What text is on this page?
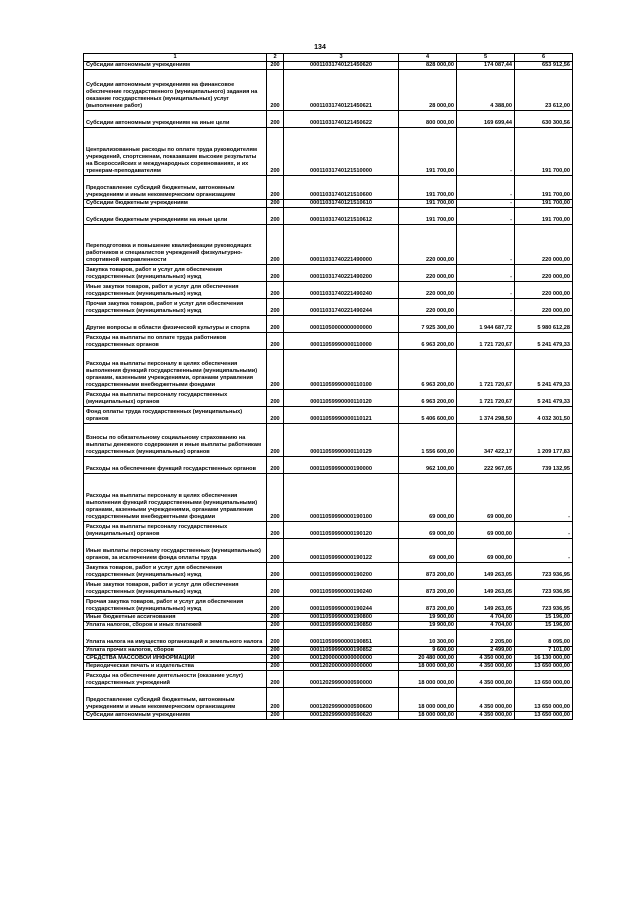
134
1	2	3	4	5	6
Субсидии автономным учреждениям	200	00011031740121450620	828 000,00	174 087,44	653 912,56
Субсидии автономным учреждениям на финансовое обеспечение государственного (муниципального) задания на оказание государственных (муниципальных) услуг (выполнение работ)	200	00011031740121450621	28 000,00	4 388,00	23 612,00
Субсидии автономным учреждениям на иные цели	200	00011031740121450622	800 000,00	169 699,44	630 300,56
Централизованные расходы по оплате труда руководителям учреждений, спортсменам, показавшим высокие результаты на Всероссийских и международных соревнованиях, и их тренерам-преподавателям	200	00011031740121510000	191 700,00	-	191 700,00
Предоставление субсидий бюджетным, автономным учреждениям и иным некоммерческим организациям	200	00011031740121510600	191 700,00	-	191 700,00
Субсидии бюджетным учреждениям	200	00011031740121510610	191 700,00	-	191 700,00
Субсидии бюджетным учреждениям на иные цели	200	00011031740121510612	191 700,00	-	191 700,00
Переподготовка и повышение квалификации руководящих работников и специалистов учреждений физкультурно-спортивной направленности	200	00011031740221490000	220 000,00	-	220 000,00
Закупка товаров, работ и услуг для обеспечения государственных (муниципальных) нужд	200	00011031740221490200	220 000,00	-	220 000,00
Иные закупки товаров, работ и услуг для обеспечения государственных (муниципальных) нужд	200	00011031740221490240	220 000,00	-	220 000,00
Прочая закупка товаров, работ и услуг для обеспечения государственных (муниципальных) нужд	200	00011031740221490244	220 000,00	-	220 000,00
Другие вопросы в области физической культуры и спорта	200	00011050000000000000	7 925 300,00	1 944 687,72	5 980 612,28
Расходы на выплаты по оплате труда работников государственных органов	200	00011059990000110000	6 963 200,00	1 721 720,67	5 241 479,33
Расходы на выплаты персоналу в целях обеспечения выполнения функций государственными (муниципальными) органами, казенными учреждениями, органами управления государственными внебюджетными фондами	200	00011059990000110100	6 963 200,00	1 721 720,67	5 241 479,33
Расходы на выплаты персоналу государственных (муниципальных) органов	200	00011059990000110120	6 963 200,00	1 721 720,67	5 241 479,33
Фонд оплаты труда государственных (муниципальных) органов	200	00011059990000110121	5 406 600,00	1 374 298,50	4 032 301,50
Взносы по обязательному социальному страхованию на выплаты денежного содержания и иные выплаты работникам государственных (муниципальных) органов	200	00011059990000110129	1 556 600,00	347 422,17	1 209 177,83
Расходы на обеспечение функций государственных органов	200	00011059990000190000	962 100,00	222 967,05	739 132,95
Расходы на выплаты персоналу в целях обеспечения выполнения функций государственными (муниципальными) органами, казенными учреждениями, органами управления государственными внебюджетными фондами	200	00011059990000190100	69 000,00	69 000,00	-
Расходы на выплаты персоналу государственных (муниципальных) органов	200	00011059990000190120	69 000,00	69 000,00	-
Иные выплаты персоналу государственных (муниципальных) органов, за исключением фонда оплаты труда	200	00011059990000190122	69 000,00	69 000,00	-
Закупка товаров, работ и услуг для обеспечения государственных (муниципальных) нужд	200	00011059990000190200	873 200,00	149 263,05	723 936,95
Иные закупки товаров, работ и услуг для обеспечения государственных (муниципальных) нужд	200	00011059990000190240	873 200,00	149 263,05	723 936,95
Прочая закупка товаров, работ и услуг для обеспечения государственных (муниципальных) нужд	200	00011059990000190244	873 200,00	149 263,05	723 936,95
Иные бюджетные ассигнования	200	00011059990000190800	19 900,00	4 704,00	15 196,00
Уплата налогов, сборов и иных платежей	200	00011059990000190850	19 900,00	4 704,00	15 196,00
Уплата налога на имущество организаций и земельного налога	200	00011059990000190851	10 300,00	2 205,00	8 095,00
Уплата прочих налогов, сборов	200	00011059990000190852	9 600,00	2 499,00	7 101,00
СРЕДСТВА МАССОВОЙ ИНФОРМАЦИИ	200	00012000000000000000	20 480 000,00	4 350 000,00	16 130 000,00
Периодическая печать и издательства	200	00012020000000000000	18 000 000,00	4 350 000,00	13 650 000,00
Расходы на обеспечение деятельности (оказание услуг) государственных учреждений	200	00012029990000590000	18 000 000,00	4 350 000,00	13 650 000,00
Предоставление субсидий бюджетным, автономным учреждениям и иным некоммерческим организациям	200	00012029990000590600	18 000 000,00	4 350 000,00	13 650 000,00
Субсидии автономным учреждениям	200	00012029990000590620	18 000 000,00	4 350 000,00	13 650 000,00
